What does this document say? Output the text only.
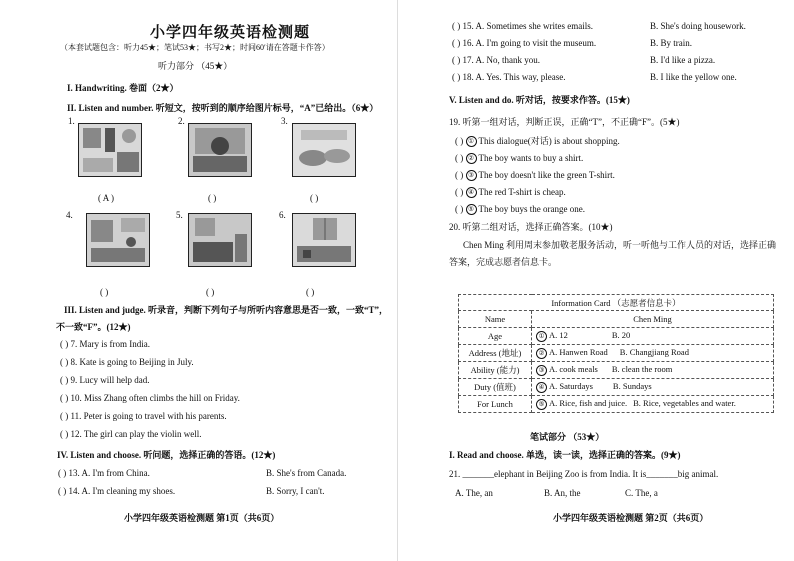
小学四年级英语检测题
（本套试题包含：听力45★；笔试53★；书写2★；时间60′请在答题卡作答）
听力部分 （45★）
I. Handwriting. 卷面（2★）
II. Listen and number. 听短文，按听到的顺序给图片标号，“A”已给出。（6★）
1.	2.	3.
( A )	( )	( )
4.	5.	6.
( )	( )	( )
III. Listen and judge. 听录音，判断下列句子与所听内容意思是否一致，一致“T”，
不一致“F”。(12★)
( ) 7. Mary is from India.
( ) 8. Kate is going to Beijing in July.
( ) 9. Lucy will help dad.
( ) 10. Miss Zhang often climbs the hill on Friday.
( ) 11. Peter is going to travel with his parents.
( ) 12. The girl can play the violin well.
IV. Listen and choose. 听问题，选择正确的答语。(12★)
( ) 13. A. I'm from China.	B. She's from Canada.
( ) 14. A. I'm cleaning my shoes.	B. Sorry, I can't.
小学四年级英语检测题 第1页（共6页）
( ) 15. A. Sometimes she writes emails.	B. She's doing housework.
( ) 16. A. I'm going to visit the museum.	B. By train.
( ) 17. A. No, thank you.	B. I'd like a pizza.
( ) 18. A. Yes. This way, please.	B. I like the yellow one.
V. Listen and do. 听对话，按要求作答。(15★)
19. 听第一组对话，判断正误，正确“T”，不正确“F”。(5★)
( ) ① This dialogue(对话) is about shopping.
( ) ② The boy wants to buy a shirt.
( ) ③ The boy doesn't like the green T-shirt.
( ) ④ The red T-shirt is cheap.
( ) ⑤ The boy buys the orange one.
20. 听第二组对话，选择正确答案。(10★)
Chen Ming 利用周末参加敬老服务活动，听一听他与工作人员的对话，选择正确
答案，完成志愿者信息卡。
笔试部分 （53★）
I. Read and choose. 单选，读一读，选择正确的答案。(9★)
21. _______elephant in Beijing Zoo is from India. It is_______big animal.
A. The, an	B. An, the	C. The, a
小学四年级英语检测题 第2页（共6页）
Information Card （志愿者信息卡）	
Name	Chen Ming
Age	① A. 12 B. 20
Address (地址)	② A. Hanwen Road B. Changjiang Road
Ability (能力)	③ A. cook meals B. clean the room
Duty (值班)	④ A. Saturdays B. Sundays
For Lunch	⑤ A. Rice, fish and juice. B. Rice, vegetables and water.
